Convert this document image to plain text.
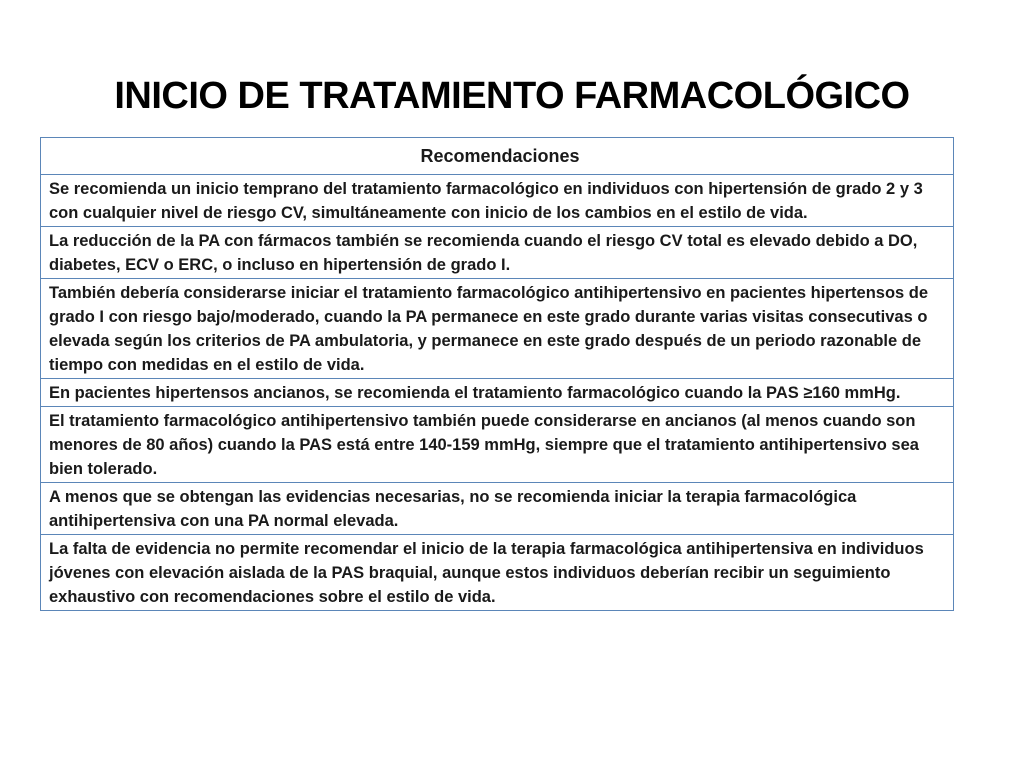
INICIO DE TRATAMIENTO FARMACOLÓGICO
Recomendaciones
Se recomienda un inicio temprano del tratamiento farmacológico en individuos con hipertensión de grado 2 y 3 con cualquier nivel de riesgo CV, simultáneamente con inicio de los cambios en el estilo de vida.
La reducción de la PA con fármacos también se recomienda cuando el riesgo CV total es elevado debido a DO, diabetes, ECV o ERC, o incluso en hipertensión de grado I.
También debería considerarse iniciar el tratamiento farmacológico antihipertensivo en pacientes hipertensos de grado I con riesgo bajo/moderado, cuando la PA permanece en este grado durante varias visitas consecutivas o elevada según los criterios de PA ambulatoria, y permanece en este grado después de un periodo razonable de tiempo con medidas en el estilo de vida.
En pacientes hipertensos ancianos, se recomienda el tratamiento farmacológico cuando la PAS ≥160 mmHg.
El tratamiento farmacológico antihipertensivo también puede considerarse en ancianos (al menos cuando son menores de 80 años) cuando la PAS está entre 140-159 mmHg, siempre que el tratamiento antihipertensivo sea bien tolerado.
A menos que se obtengan las evidencias necesarias, no se recomienda iniciar la terapia farmacológica antihipertensiva con una PA normal elevada.
La falta de evidencia no permite recomendar el inicio de la terapia farmacológica antihipertensiva en individuos jóvenes con elevación aislada de la PAS braquial, aunque estos individuos deberían recibir un seguimiento exhaustivo con recomendaciones sobre el estilo de vida.
